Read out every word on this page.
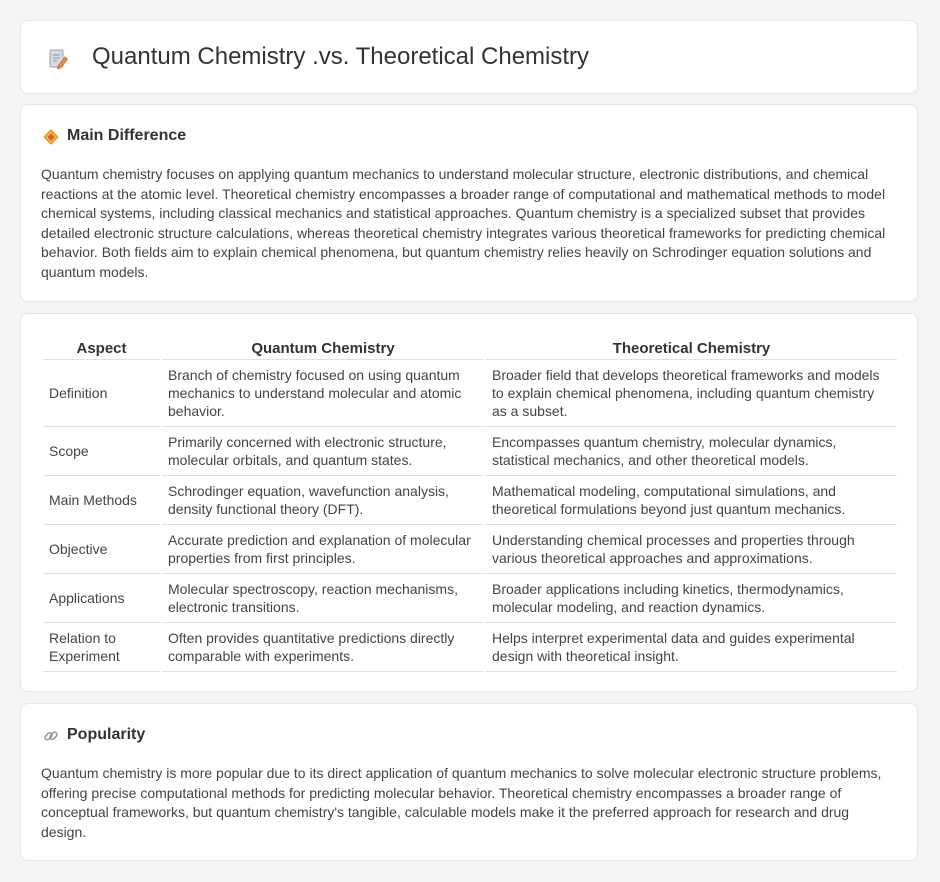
Quantum Chemistry .vs. Theoretical Chemistry
Main Difference

Quantum chemistry focuses on applying quantum mechanics to understand molecular structure, electronic distributions, and chemical reactions at the atomic level. Theoretical chemistry encompasses a broader range of computational and mathematical methods to model chemical systems, including classical mechanics and statistical approaches. Quantum chemistry is a specialized subset that provides detailed electronic structure calculations, whereas theoretical chemistry integrates various theoretical frameworks for predicting chemical behavior. Both fields aim to explain chemical phenomena, but quantum chemistry relies heavily on Schrodinger equation solutions and quantum models.

Aspect	Quantum Chemistry	Theoretical Chemistry
Definition	Branch of chemistry focused on using quantum mechanics to understand molecular and atomic behavior.	Broader field that develops theoretical frameworks and models to explain chemical phenomena, including quantum chemistry as a subset.
Scope	Primarily concerned with electronic structure, molecular orbitals, and quantum states.	Encompasses quantum chemistry, molecular dynamics, statistical mechanics, and other theoretical models.
Main Methods	Schrodinger equation, wavefunction analysis, density functional theory (DFT).	Mathematical modeling, computational simulations, and theoretical formulations beyond just quantum mechanics.
Objective	Accurate prediction and explanation of molecular properties from first principles.	Understanding chemical processes and properties through various theoretical approaches and approximations.
Applications	Molecular spectroscopy, reaction mechanisms, electronic transitions.	Broader applications including kinetics, thermodynamics, molecular modeling, and reaction dynamics.
Relation to Experiment	Often provides quantitative predictions directly comparable with experiments.	Helps interpret experimental data and guides experimental design with theoretical insight.
Popularity

Quantum chemistry is more popular due to its direct application of quantum mechanics to solve molecular electronic structure problems, offering precise computational methods for predicting molecular behavior. Theoretical chemistry encompasses a broader range of conceptual frameworks, but quantum chemistry's tangible, calculable models make it the preferred approach for research and drug design.
